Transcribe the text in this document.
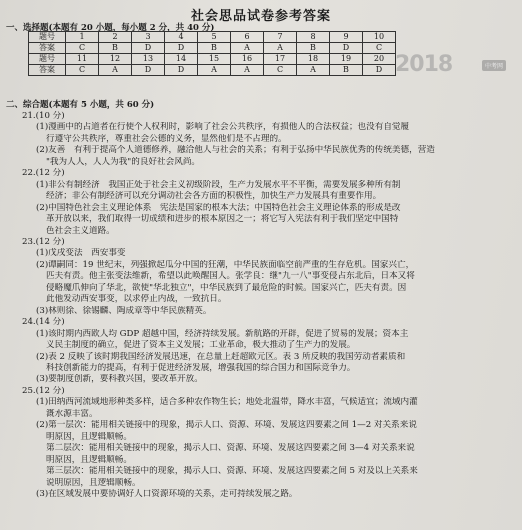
社会思品试卷参考答案
一、选择题(本题有 20 小题，每小题 2 分，共 40 分)
题号	1	2	3	4	5	6	7	8	9	10
答案	C	B	D	D	B	A	A	B	D	C
题号	11	12	13	14	15	16	17	18	19	20
答案	C	A	D	D	A	A	C	A	B	D 2018	中考网
二、综合题(本题有 5 小题，共 60 分)
21.(10 分)
(1)漫画中的占道者在行使个人权利时，影响了社会公共秩序，有损他人的合法权益；也没有自觉履
行遵守公共秩序，尊重社会公德的义务，显然他们是不占理的。
(2)友善　有利于提高个人道德修养，融洽他人与社会的关系；有利于弘扬中华民族优秀的传统美德，营造
"我为人人，人人为我"的良好社会风尚。
22.(12 分)
(1)非公有制经济　我国正处于社会主义初级阶段，生产力发展水平不平衡，需要发展多种所有制
经济；非公有制经济可以充分调动社会各方面的积极性，加快生产力发展具有重要作用。
(2)中国特色社会主义理论体系　宪法是国家的根本大法；中国特色社会主义理论体系的形成是改
革开放以来，我们取得一切成绩和进步的根本原因之一；将它写入宪法有利于我们坚定中国特
色社会主义道路。
23.(12 分)
(1)戊戌变法　西安事变
(2)谭嗣同：19 世纪末，列强掀起瓜分中国的狂潮，中华民族面临空前严重的生存危机。国家兴亡，
匹夫有责。他主张变法维新，希望以此唤醒国人。张学良：继"九一八"事变侵占东北后，日本又将
侵略魔爪伸向了华北，欲使"华北独立"，中华民族到了最危险的时候。国家兴亡，匹夫有责。因
此他发动西安事变，以求停止内战，一致抗日。
(3)林则徐、徐锡麟、陶成章等中华民族精英。
24.(14 分)
(1)该时期内西欧人均 GDP 超越中国，经济持续发展。新航路的开辟，促进了贸易的发展；资本主
义民主制度的确立，促进了资本主义发展；工业革命，极大推动了生产力的发展。
(2)表 2 反映了该时期我国经济发展迅速，在总量上赶超欧元区。表 3 所反映的我国劳动者素质和
科技创新能力的提高，有利于促进经济发展，增强我国的综合国力和国际竞争力。
(3)要制度创新，要科教兴国，要改革开放。
25.(12 分)
(1)田纳西河流域地形种类多样，适合多种农作物生长；地处北温带，降水丰富，气候适宜；流域内灌
溉水源丰富。
(2)第一层次：能用相关链接中的现象，揭示人口、资源、环境、发展这四要素之间 1—2 对关系来说
明原因，且逻辑顺畅。
第二层次：能用相关链接中的现象，揭示人口、资源、环境、发展这四要素之间 3—4 对关系来说
明原因，且逻辑顺畅。
第三层次：能用相关链接中的现象，揭示人口、资源、环境、发展这四要素之间 5 对及以上关系来
说明原因，且逻辑顺畅。
(3)在区域发展中要协调好人口资源环境的关系，走可持续发展之路。
